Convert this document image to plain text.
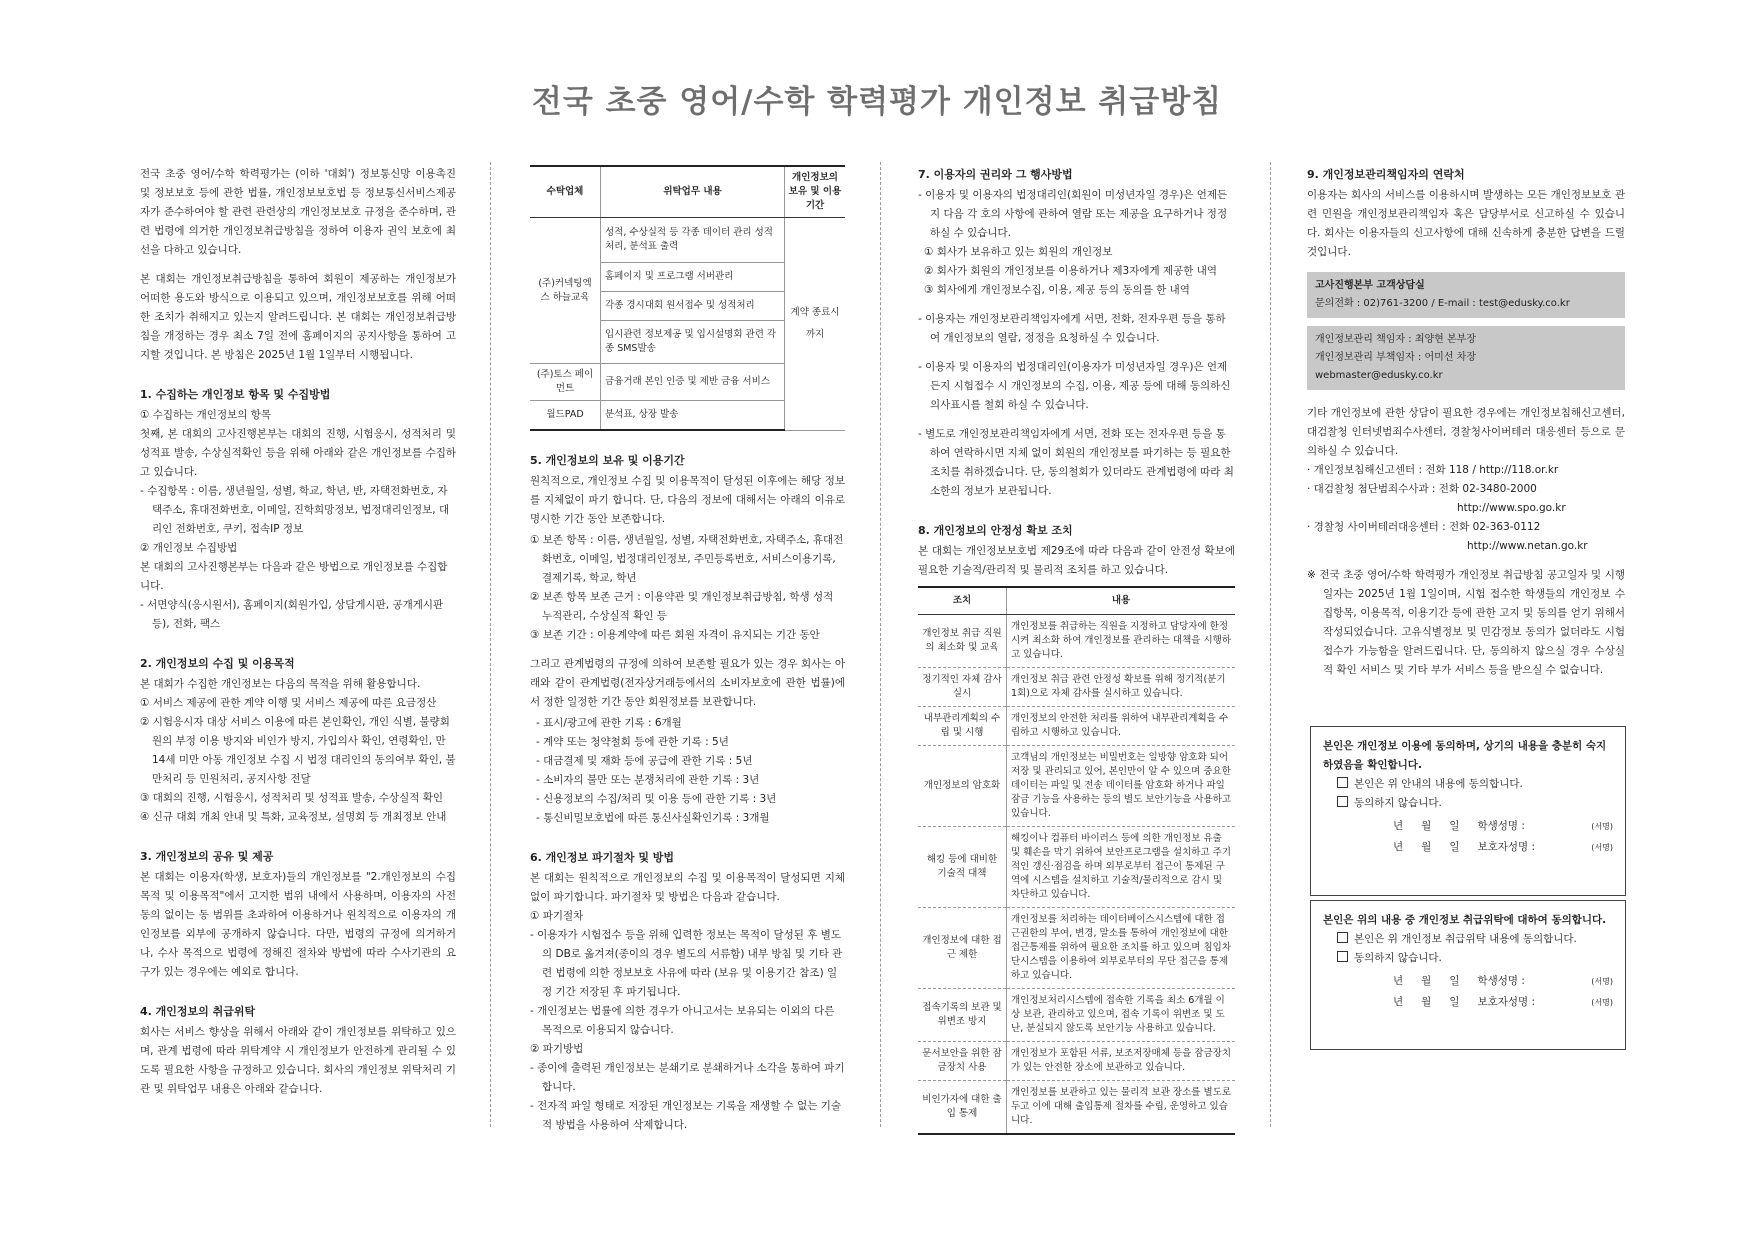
전국 초중 영어/수학 학력평가 개인정보 취급방침

전국 초중 영어/수학 학력평가는 (이하 '대회') 정보통신망 이용촉진 및 정보보호 등에 관한 법률, 개인정보보호법 등 정보통신서비스제공자가 준수하여야 할 관련 관련상의 개인정보보호 규정을 준수하며, 관련 법령에 의거한 개인정보취급방침을 정하여 이용자 권익 보호에 최선을 다하고 있습니다.

본 대회는 개인정보취급방침을 통하여 회원이 제공하는 개인정보가 어떠한 용도와 방식으로 이용되고 있으며, 개인정보보호를 위해 어떠한 조치가 취해지고 있는지 알려드립니다. 본 대회는 개인정보취급방침을 개정하는 경우 최소 7일 전에 홈페이지의 공지사항을 통하여 고지할 것입니다. 본 방침은 2025년 1월 1일부터 시행됩니다.

1. 수집하는 개인정보 항목 및 수집방법
① 수집하는 개인정보의 항목
첫째, 본 대회의 고사진행본부는 대회의 진행, 시험응시, 성적처리 및 성적표 발송, 수상실적확인 등을 위해 아래와 같은 개인정보를 수집하고 있습니다.
- 수집항목 : 이름, 생년월일, 성별, 학교, 학년, 반, 자택전화번호, 자택주소, 휴대전화번호, 이메일, 진학희망정보, 법정대리인정보, 대리인 전화번호, 쿠키, 접속IP 정보
② 개인정보 수집방법
본 대회의 고사진행본부는 다음과 같은 방법으로 개인정보를 수집합니다.
- 서면양식(응시원서), 홈페이지(회원가입, 상담게시판, 공개게시판 등), 전화, 팩스
2. 개인정보의 수집 및 이용목적
본 대회가 수집한 개인정보는 다음의 목적을 위해 활용합니다.
① 서비스 제공에 관한 계약 이행 및 서비스 제공에 따른 요금정산
② 시험응시자 대상 서비스 이용에 따른 본인확인, 개인 식별, 불량회원의 부정 이용 방지와 비인가 방지, 가입의사 확인, 연령확인, 만14세 미만 아동 개인정보 수집 시 법정 대리인의 동의여부 확인, 불만처리 등 민원처리, 공지사항 전달
③ 대회의 진행, 시험응시, 성적처리 및 성적표 발송, 수상실적 확인
④ 신규 대회 개최 안내 및 특화, 교육정보, 설명회 등 개최정보 안내
3. 개인정보의 공유 및 제공

본 대회는 이용자(학생, 보호자)들의 개인정보를 "2.개인정보의 수집목적 및 이용목적"에서 고지한 범위 내에서 사용하며, 이용자의 사전 동의 없이는 동 범위를 초과하여 이용하거나 원칙적으로 이용자의 개인정보를 외부에 공개하지 않습니다. 다만, 법령의 규정에 의거하거나, 수사 목적으로 법령에 정해진 절차와 방법에 따라 수사기관의 요구가 있는 경우에는 예외로 합니다.

4. 개인정보의 취급위탁

회사는 서비스 향상을 위해서 아래와 같이 개인정보를 위탁하고 있으며, 관계 법령에 따라 위탁계약 시 개인정보가 안전하게 관리될 수 있도록 필요한 사항을 규정하고 있습니다. 회사의 개인정보 위탁처리 기관 및 위탁업무 내용은 아래와 같습니다.

수탁업체	위탁업무 내용	개인정보의 보유 및 이용기간
(주)커넥팅엑스 하늘교육	성적, 수상실적 등 각종 데이터 관리 성적처리, 분석표 출력	계약 종료시 까지
	홈페이지 및 프로그램 서버관리	
	각종 경시대회 원서접수 및 성적처리	
	입시관련 정보제공 및 입시설명회 관련 각종 SMS발송	
(주)토스 페이먼트	금융거래 본인 인증 및 제반 금융 서비스	
월드PAD	분석표, 상장 발송	
5. 개인정보의 보유 및 이용기간

원칙적으로, 개인정보 수집 및 이용목적이 달성된 이후에는 해당 정보를 지체없이 파기 합니다. 단, 다음의 정보에 대해서는 아래의 이유로 명시한 기간 동안 보존합니다.

① 보존 항목 : 이름, 생년월일, 성별, 자택전화번호, 자택주소, 휴대전화번호, 이메일, 법정대리인정보, 주민등록번호, 서비스이용기록, 결제기록, 학교, 학년
② 보존 항목 보존 근거 : 이용약관 및 개인정보취급방침, 학생 성적 누적관리, 수상실적 확인 등
③ 보존 기간 : 이용계약에 따른 회원 자격이 유지되는 기간 동안

그리고 관계법령의 규정에 의하여 보존할 필요가 있는 경우 회사는 아래와 같이 관계법령(전자상거래등에서의 소비자보호에 관한 법률)에서 정한 일정한 기간 동안 회원정보를 보관합니다.

- 표시/광고에 관한 기록 : 6개월
- 계약 또는 청약철회 등에 관한 기록 : 5년
- 대금결제 및 재화 등에 공급에 관한 기록 : 5년
- 소비자의 불만 또는 분쟁처리에 관한 기록 : 3년
- 신용정보의 수집/처리 및 이용 등에 관한 기록 : 3년
- 통신비밀보호법에 따른 통신사실확인기록 : 3개월
6. 개인정보 파기절차 및 방법

본 대회는 원칙적으로 개인정보의 수집 및 이용목적이 달성되면 지체 없이 파기합니다. 파기절차 및 방법은 다음과 같습니다.

① 파기절차
- 이용자가 시험접수 등을 위해 입력한 정보는 목적이 달성된 후 별도의 DB로 옮겨져(종이의 경우 별도의 서류함) 내부 방침 및 기타 관련 법령에 의한 정보보호 사유에 따라 (보유 및 이용기간 참조) 일정 기간 저장된 후 파기됩니다.
- 개인정보는 법률에 의한 경우가 아니고서는 보유되는 이외의 다른 목적으로 이용되지 않습니다.
② 파기방법
- 종이에 출력된 개인정보는 분쇄기로 분쇄하거나 소각을 통하여 파기합니다.
- 전자적 파일 형태로 저장된 개인정보는 기록을 재생할 수 없는 기술적 방법을 사용하여 삭제합니다.
7. 이용자의 권리와 그 행사방법
- 이용자 및 이용자의 법정대리인(회원이 미성년자일 경우)은 언제든지 다음 각 호의 사항에 관하여 열람 또는 제공을 요구하거나 정정하실 수 있습니다.
① 회사가 보유하고 있는 회원의 개인정보
② 회사가 회원의 개인정보를 이용하거나 제3자에게 제공한 내역
③ 회사에게 개인정보수집, 이용, 제공 등의 동의를 한 내역
- 이용자는 개인정보관리책임자에게 서면, 전화, 전자우편 등을 통하여 개인정보의 열람, 정정을 요청하실 수 있습니다.
- 이용자 및 이용자의 법정대리인(이용자가 미성년자일 경우)은 언제든지 시험접수 시 개인정보의 수집, 이용, 제공 등에 대해 동의하신 의사표시를 철회 하실 수 있습니다.
- 별도로 개인정보관리책임자에게 서면, 전화 또는 전자우편 등을 통하여 연락하시면 지체 없이 회원의 개인정보를 파기하는 등 필요한 조치를 취하겠습니다. 단, 동의철회가 있더라도 관계법령에 따라 최소한의 정보가 보관됩니다.
8. 개인정보의 안정성 확보 조치

본 대회는 개인정보보호법 제29조에 따라 다음과 같이 안전성 확보에 필요한 기술적/관리적 및 물리적 조치를 하고 있습니다.

조치	내용
개인정보 취급 직원의 최소화 및 교육	개인정보를 취급하는 직원을 지정하고 담당자에 한정시켜 최소화 하여 개인정보를 관리하는 대책을 시행하고 있습니다.
정기적인 자체 감사 실시	개인정보 취급 관련 안정성 확보를 위해 정기적(분기 1회)으로 자체 감사를 실시하고 있습니다.
내부관리계획의 수립 및 시행	개인정보의 안전한 처리를 위하여 내부관리계획을 수립하고 시행하고 있습니다.
개인정보의 암호화	고객님의 개인정보는 비밀번호는 일방향 암호화 되어 저장 및 관리되고 있어, 본인만이 알 수 있으며 중요한 데이터는 파일 및 전송 데이터를 암호화 하거나 파일 잠금 기능을 사용하는 등의 별도 보안기능을 사용하고 있습니다.
해킹 등에 대비한 기술적 대책	해킹이나 컴퓨터 바이러스 등에 의한 개인정보 유출 및 훼손을 막기 위하여 보안프로그램을 설치하고 주기적인 갱신·점검을 하며 외부로부터 접근이 통제된 구역에 시스템을 설치하고 기술적/물리적으로 감시 및 차단하고 있습니다.
개인정보에 대한 접근 제한	개인정보를 처리하는 데이터베이스시스템에 대한 접근권한의 부여, 변경, 말소를 통하여 개인정보에 대한 접근통제를 위하여 필요한 조치를 하고 있으며 침입차단시스템을 이용하여 외부로부터의 무단 접근을 통제하고 있습니다.
접속기록의 보관 및 위변조 방지	개인정보처리시스템에 접속한 기록을 최소 6개월 이상 보관, 관리하고 있으며, 접속 기록이 위변조 및 도난, 분실되지 않도록 보안기능 사용하고 있습니다.
문서보안을 위한 잠금장치 사용	개인정보가 포함된 서류, 보조저장매체 등을 잠금장치가 있는 안전한 장소에 보관하고 있습니다.
비인가자에 대한 출입 통제	개인정보를 보관하고 있는 물리적 보관 장소를 별도로 두고 이에 대해 출입통제 절차를 수립, 운영하고 있습니다.
9. 개인정보관리책임자의 연락처

이용자는 회사의 서비스를 이용하시며 발생하는 모든 개인정보보호 관련 민원을 개인정보관리책임자 혹은 담당부서로 신고하실 수 있습니다. 회사는 이용자들의 신고사항에 대해 신속하게 충분한 답변을 드릴 것입니다.

고사진행본부 고객상담실
문의전화 : 02)761-3200 / E-mail : test@edusky.co.kr
개인정보관리 책임자 : 최양현 본부장
개인정보관리 부책임자 : 어미선 차장
webmaster@edusky.co.kr

기타 개인정보에 관한 상담이 필요한 경우에는 개인정보침해신고센터, 대검찰청 인터넷범죄수사센터, 경찰청사이버테러 대응센터 등으로 문의하실 수 있습니다.

· 개인정보침해신고센터 : 전화 118 / http://118.or.kr
· 대검찰청 첨단범죄수사과 : 전화 02-3480-2000
http://www.spo.go.kr
· 경찰청 사이버테러대응센터 : 전화 02-363-0112
http://www.netan.go.kr
※ 전국 초중 영어/수학 학력평가 개인정보 취급방침 공고일자 및 시행일자는 2025년 1월 1일이며, 시험 접수한 학생들의 개인정보 수집항목, 이용목적, 이용기간 등에 관한 고지 및 동의를 얻기 위해서 작성되었습니다. 고유식별정보 및 민감정보 동의가 없더라도 시험 접수가 가능함을 알려드립니다. 단, 동의하지 않으실 경우 수상실적 확인 서비스 및 기타 부가 서비스 등을 받으실 수 없습니다.
본인은 개인정보 이용에 동의하며, 상기의 내용을 충분히 숙지하였음을 확인합니다.
본인은 위 안내의 내용에 동의합니다.
동의하지 않습니다.
년 월 일 학생성명 :	(서명)
년 월 일 보호자성명 :	(서명)
본인은 위의 내용 중 개인정보 취급위탁에 대하여 동의합니다.
본인은 위 개인정보 취급위탁 내용에 동의합니다.
동의하지 않습니다.
년 월 일 학생성명 :	(서명)
년 월 일 보호자성명 :	(서명)
